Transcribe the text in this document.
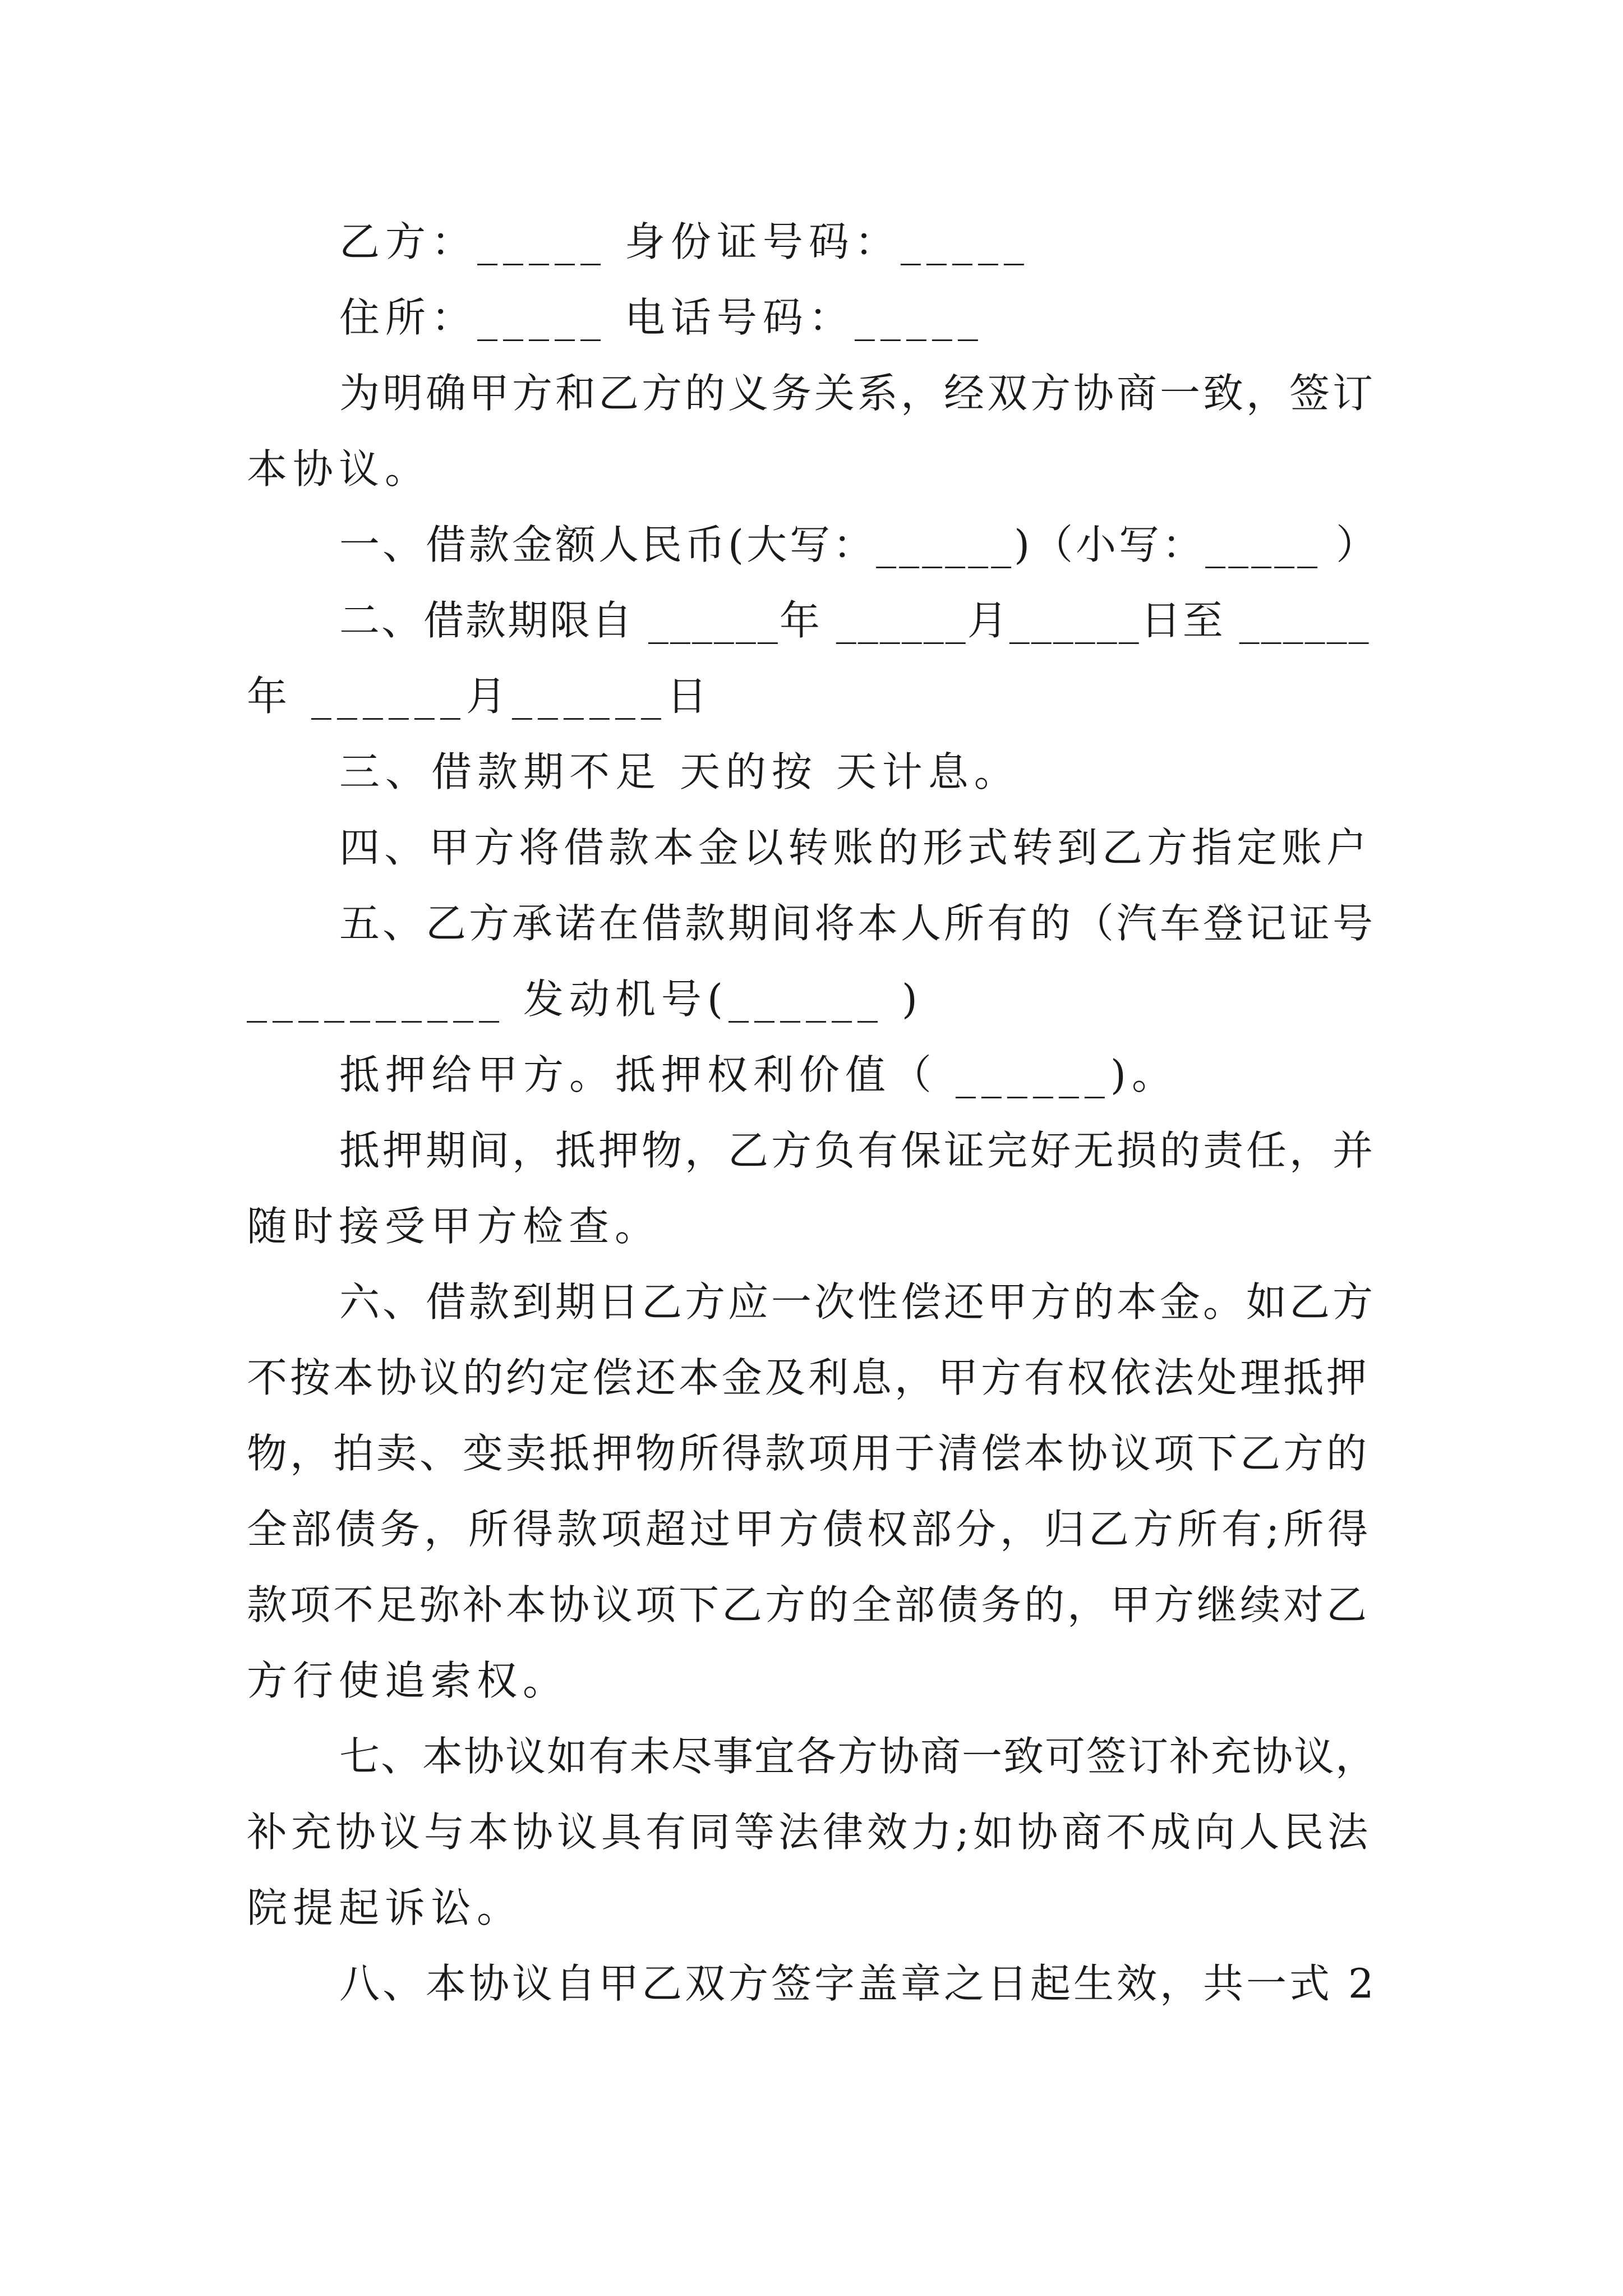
乙方：_____ 身份证号码：_____
住所：_____ 电话号码：_____
为明确甲方和乙方的义务关系，经双方协商一致，签订
本协议。
一、借款金额人民币(大写：______)（小写：_____ ）
二、借款期限自 ______年 ______月______日至 ______
年 ______月______日
三、借款期不足 天的按 天计息。
四、甲方将借款本金以转账的形式转到乙方指定账户
五、乙方承诺在借款期间将本人所有的（汽车登记证号
__________ 发动机号(______ )
抵押给甲方。抵押权利价值（ ______)。
抵押期间，抵押物，乙方负有保证完好无损的责任，并
随时接受甲方检查。
六、借款到期日乙方应一次性偿还甲方的本金。如乙方
不按本协议的约定偿还本金及利息，甲方有权依法处理抵押
物，拍卖、变卖抵押物所得款项用于清偿本协议项下乙方的
全部债务，所得款项超过甲方债权部分，归乙方所有;所得
款项不足弥补本协议项下乙方的全部债务的，甲方继续对乙
方行使追索权。
七、本协议如有未尽事宜各方协商一致可签订补充协议，
补充协议与本协议具有同等法律效力;如协商不成向人民法
院提起诉讼。
八、本协议自甲乙双方签字盖章之日起生效，共一式 2
